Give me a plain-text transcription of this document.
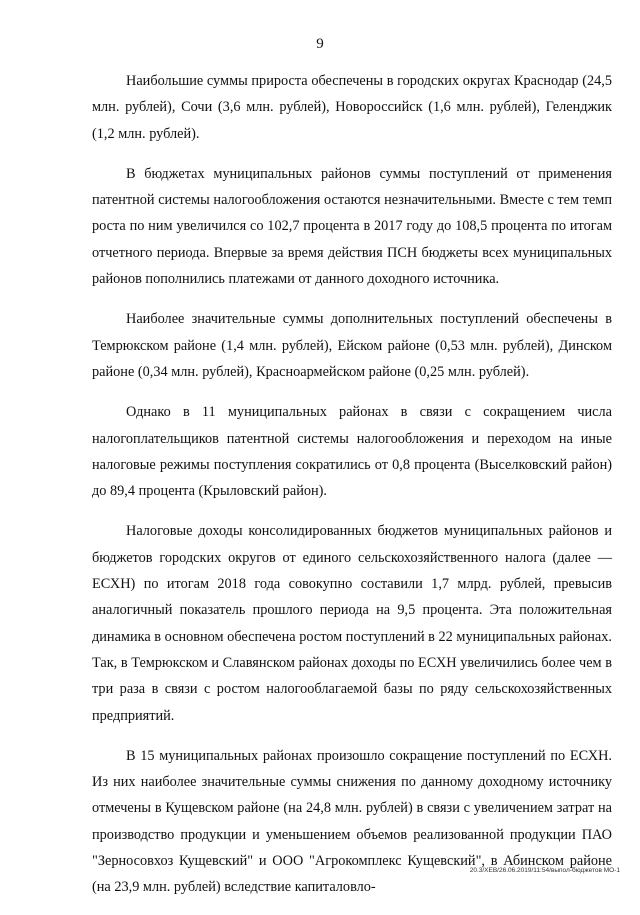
9

Наибольшие суммы прироста обеспечены в городских округах Краснодар (24,5 млн. рублей), Сочи (3,6 млн. рублей), Новороссийск (1,6 млн. рублей), Геленджик (1,2 млн. рублей).

В бюджетах муниципальных районов суммы поступлений от применения патентной системы налогообложения остаются незначительными. Вместе с тем темп роста по ним увеличился со 102,7 процента в 2017 году до 108,5 процента по итогам отчетного периода. Впервые за время действия ПСН бюджеты всех муниципальных районов пополнились платежами от данного доходного источника.

Наиболее значительные суммы дополнительных поступлений обеспечены в Темрюкском районе (1,4 млн. рублей), Ейском районе (0,53 млн. рублей), Динском районе (0,34 млн. рублей), Красноармейском районе (0,25 млн. рублей).

Однако в 11 муниципальных районах в связи с сокращением числа налогоплательщиков патентной системы налогообложения и переходом на иные налоговые режимы поступления сократились от 0,8 процента (Выселковский район) до 89,4 процента (Крыловский район).

Налоговые доходы консолидированных бюджетов муниципальных районов и бюджетов городских округов от единого сельскохозяйственного налога (далее — ЕСХН) по итогам 2018 года совокупно составили 1,7 млрд. рублей, превысив аналогичный показатель прошлого периода на 9,5 процента. Эта положительная динамика в основном обеспечена ростом поступлений в 22 муниципальных районах. Так, в Темрюкском и Славянском районах доходы по ЕСХН увеличились более чем в три раза в связи с ростом налогооблагаемой базы по ряду сельскохозяйственных предприятий.

В 15 муниципальных районах произошло сокращение поступлений по ЕСХН. Из них наиболее значительные суммы снижения по данному доходному источнику отмечены в Кущевском районе (на 24,8 млн. рублей) в связи с увеличением затрат на производство продукции и уменьшением объемов реализованной продукции ПАО "Зерносовхоз Кущевский" и ООО "Агрокомплекс Кущевский", в Абинском районе (на 23,9 млн. рублей) вследствие капиталовло-

20.3/ХЕВ/26.06.2019/11:54/выпол-бюджетов МО-1
